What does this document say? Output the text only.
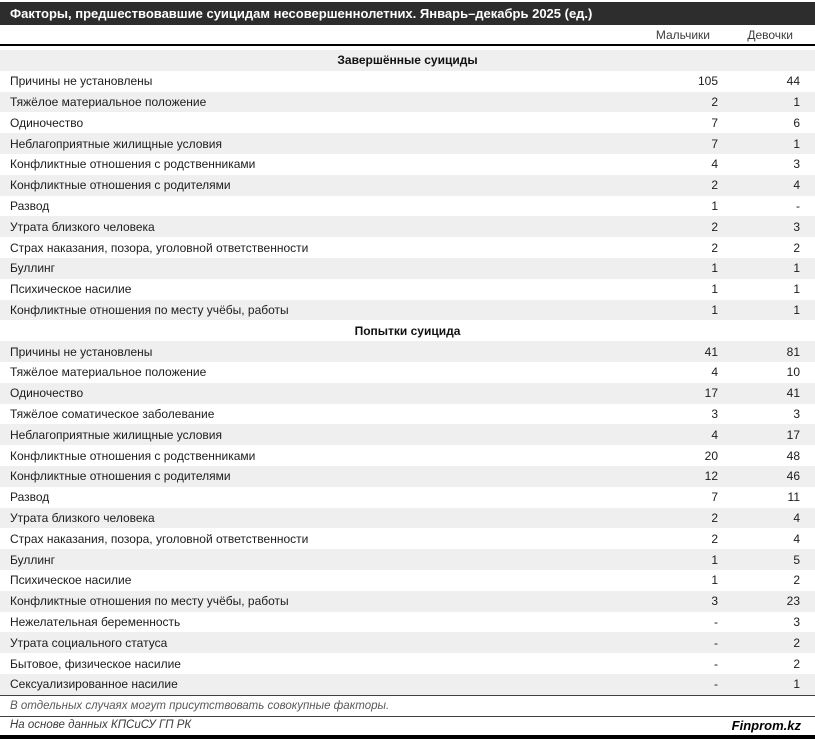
Факторы, предшествовавшие суицидам несовершеннолетних. Январь–декабрь 2025 (ед.)
Мальчики	Девочки
Завершённые суициды
Причины не установлены	105	44
Тяжёлое материальное положение	2	1
Одиночество	7	6
Неблагоприятные жилищные условия	7	1
Конфликтные отношения с родственниками	4	3
Конфликтные отношения с родителями	2	4
Развод	1	-
Утрата близкого человека	2	3
Страх наказания, позора, уголовной ответственности	2	2
Буллинг	1	1
Психическое насилие	1	1
Конфликтные отношения по месту учёбы, работы	1	1
Попытки суицида
Причины не установлены	41	81
Тяжёлое материальное положение	4	10
Одиночество	17	41
Тяжёлое соматическое заболевание	3	3
Неблагоприятные жилищные условия	4	17
Конфликтные отношения с родственниками	20	48
Конфликтные отношения с родителями	12	46
Развод	7	11
Утрата близкого человека	2	4
Страх наказания, позора, уголовной ответственности	2	4
Буллинг	1	5
Психическое насилие	1	2
Конфликтные отношения по месту учёбы, работы	3	23
Нежелательная беременность	-	3
Утрата социального статуса	-	2
Бытовое, физическое насилие	-	2
Сексуализированное насилие	-	1
В отдельных случаях могут присутствовать совокупные факторы.
На основе данных КПСиСУ ГП РК	Finprom.kz
